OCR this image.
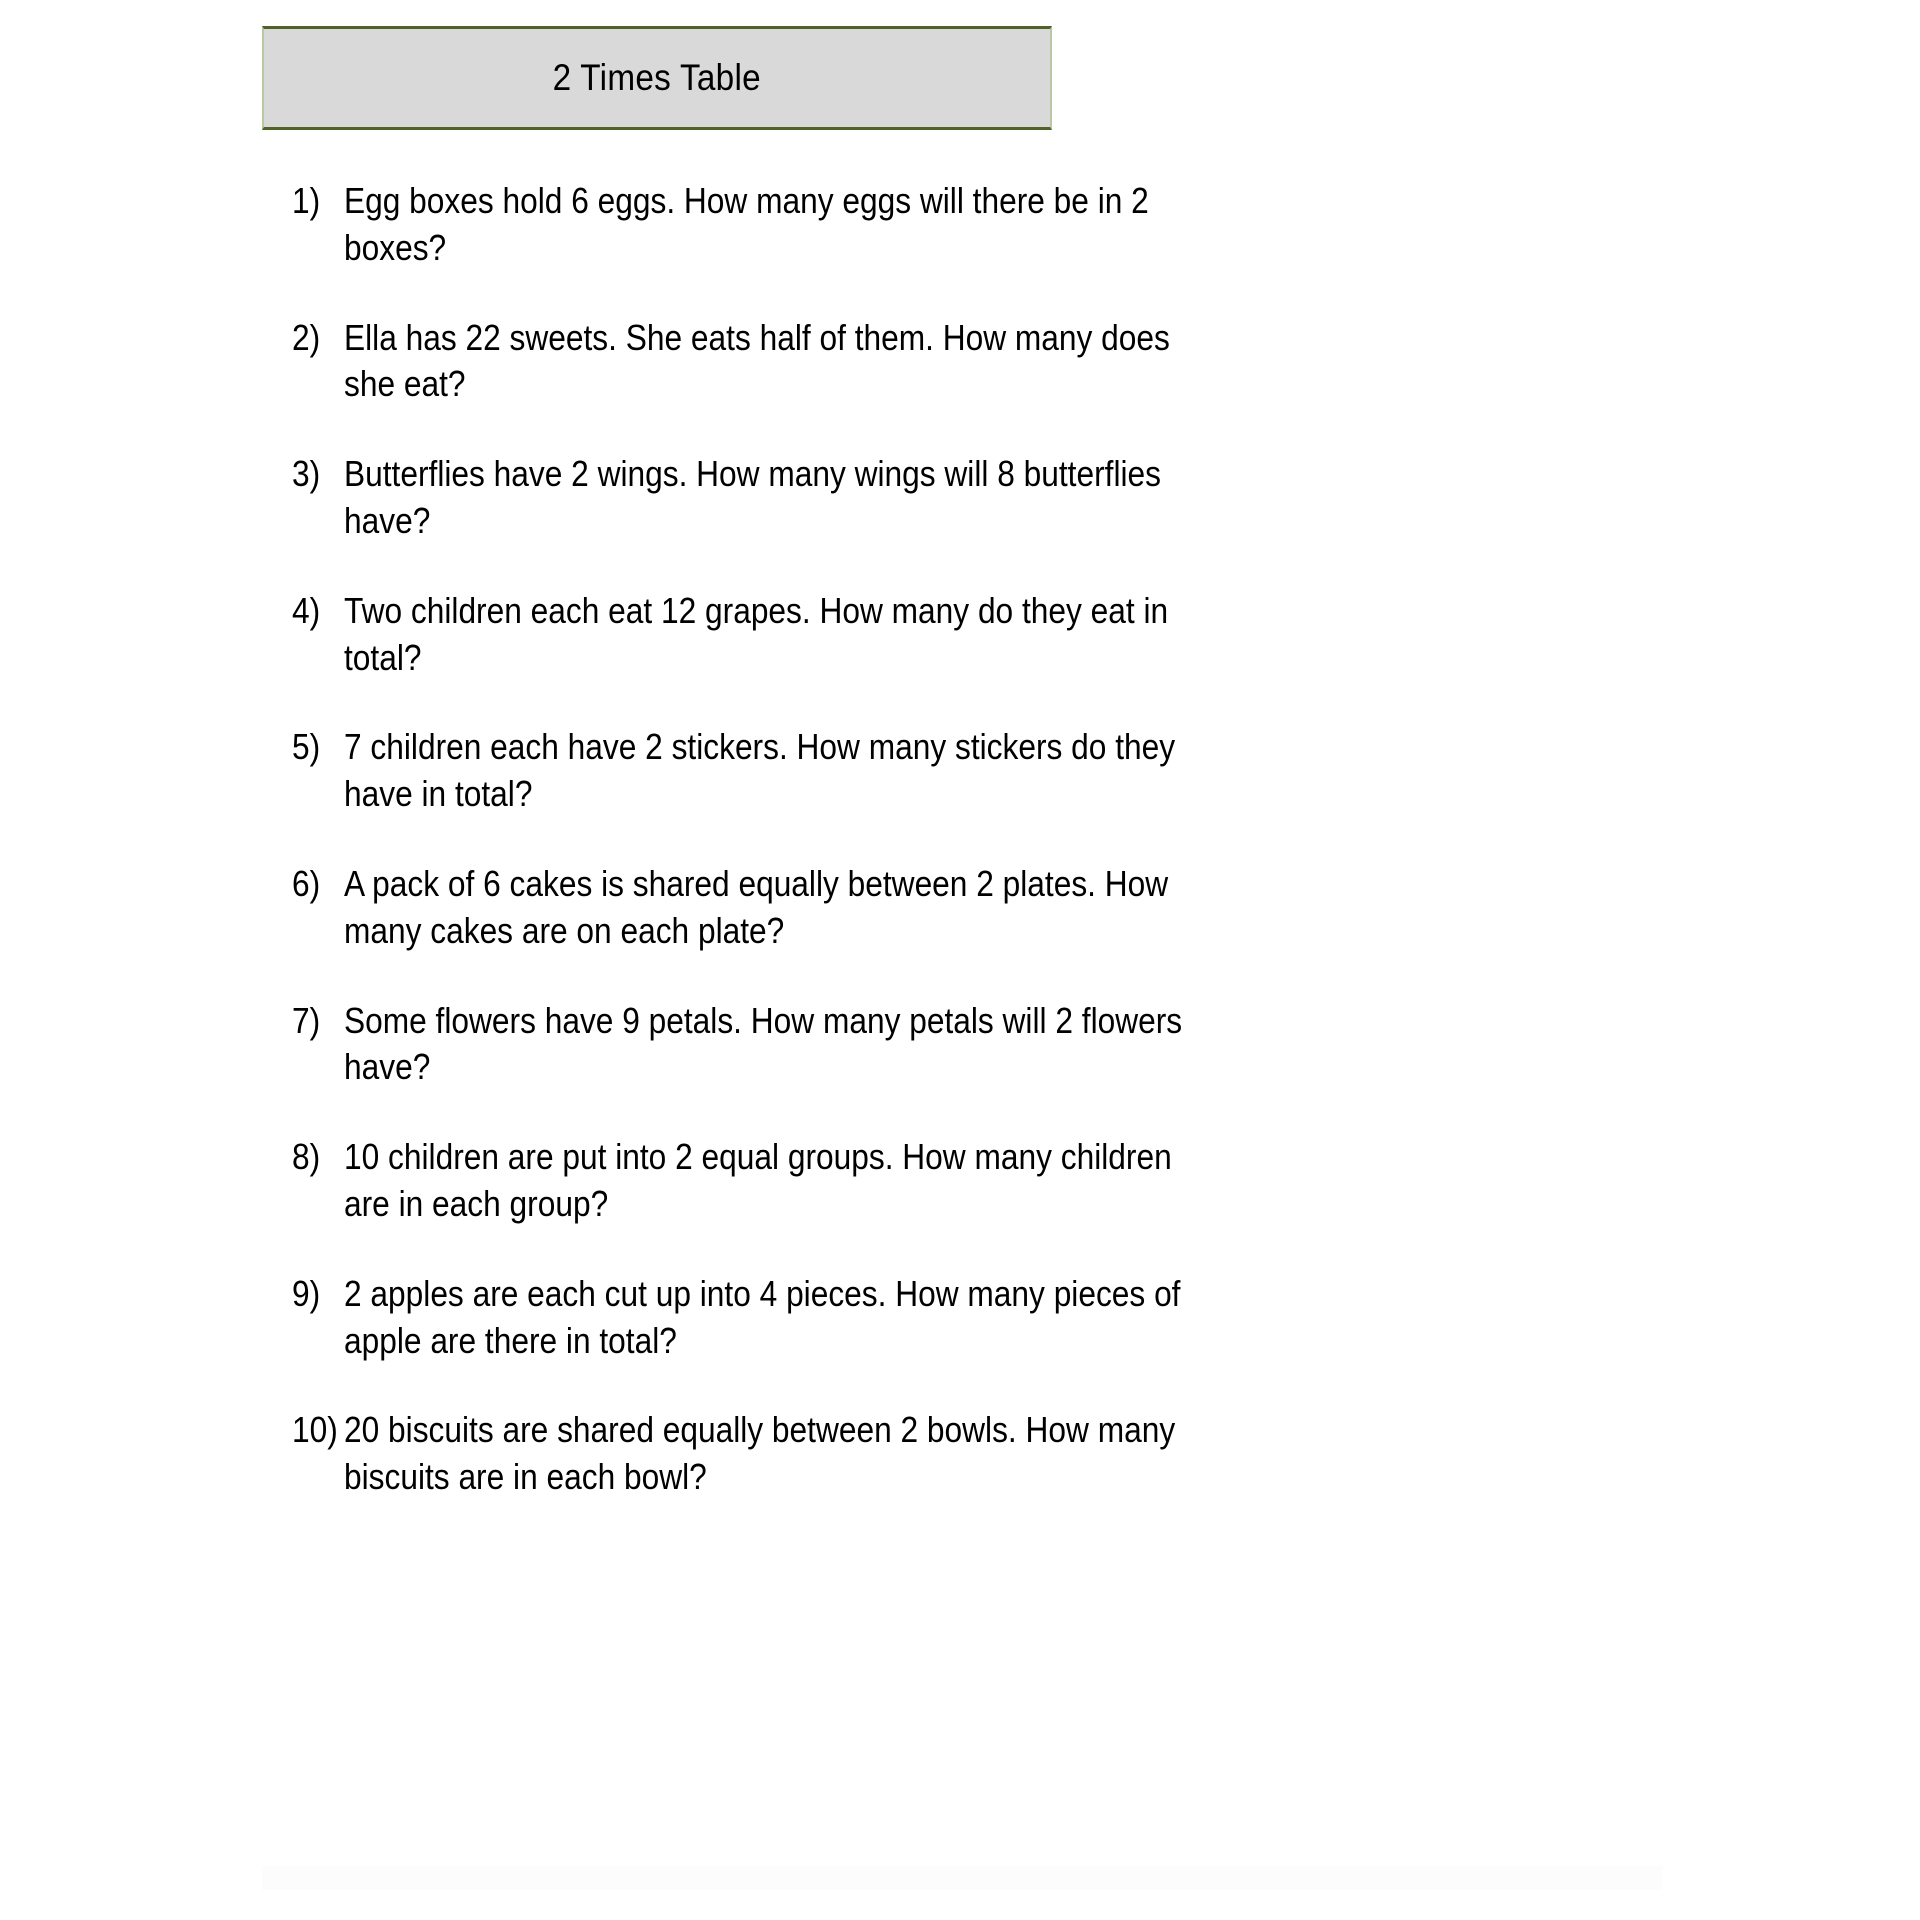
2 Times Table
1) Egg boxes hold 6 eggs. How many eggs will there be in 2 boxes?
2) Ella has 22 sweets. She eats half of them. How many does she eat?
3) Butterflies have 2 wings. How many wings will 8 butterflies have?
4) Two children each eat 12 grapes. How many do they eat in total?
5) 7 children each have 2 stickers. How many stickers do they have in total?
6) A pack of 6 cakes is shared equally between 2 plates. How many cakes are on each plate?
7) Some flowers have 9 petals. How many petals will 2 flowers have?
8) 10 children are put into 2 equal groups. How many children are in each group?
9) 2 apples are each cut up into 4 pieces. How many pieces of apple are there in total?
10) 20 biscuits are shared equally between 2 bowls. How many biscuits are in each bowl?
